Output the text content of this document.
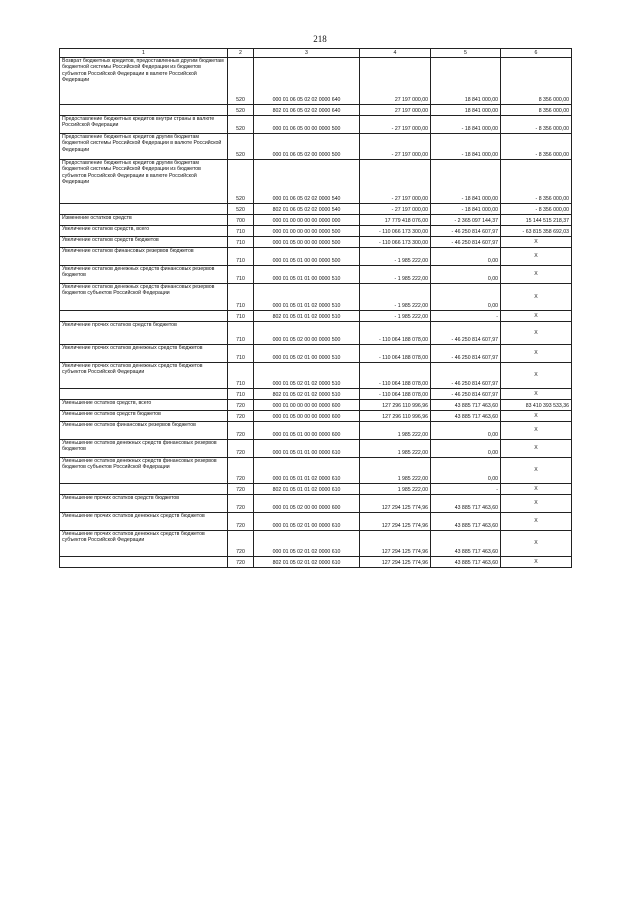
218
1	2	3	4	5	6
Возврат бюджетных кредитов, предоставленных другим бюджетам бюджетной системы Российской Федерации из бюджетов субъектов Российской Федерации в валюте Российской Федерации	520	000 01 06 05 02 02 0000 640	27 197 000,00	18 841 000,00	8 356 000,00
	520	802 01 06 05 02 02 0000 640	27 197 000,00	18 841 000,00	8 356 000,00
Предоставление бюджетных кредитов внутри страны в валюте Российской Федерации	520	000 01 06 05 00 00 0000 500	- 27 197 000,00	- 18 841 000,00	- 8 356 000,00
Предоставление бюджетных кредитов другим бюджетам бюджетной системы Российской Федерации в валюте Российской Федерации	520	000 01 06 05 02 00 0000 500	- 27 197 000,00	- 18 841 000,00	- 8 356 000,00
Предоставление бюджетных кредитов другим бюджетам бюджетной системы Российской Федерации из бюджетов субъектов Российской Федерации в валюте Российской Федерации	520	000 01 06 05 02 02 0000 540	- 27 197 000,00	- 18 841 000,00	- 8 356 000,00
	520	802 01 06 05 02 02 0000 540	- 27 197 000,00	- 18 841 000,00	- 8 356 000,00
Изменение остатков средств	700	000 01 00 00 00 00 0000 000	17 779 418 076,00	- 2 365 097 144,37	15 144 515 218,37
Увеличение остатков средств, всего	710	000 01 00 00 00 00 0000 500	- 110 066 173 300,00	- 46 250 814 607,97	- 63 815 358 692,03
Увеличение остатков средств бюджетов	710	000 01 05 00 00 00 0000 500	- 110 066 173 300,00	- 46 250 814 607,97	X
Увеличение остатков финансовых резервов бюджетов	710	000 01 05 01 00 00 0000 500	- 1 985 222,00	0,00	X
Увеличение остатков денежных средств финансовых резервов бюджетов	710	000 01 05 01 01 00 0000 510	- 1 985 222,00	0,00	X
Увеличение остатков денежных средств финансовых резервов бюджетов субъектов Российской Федерации	710	000 01 05 01 01 02 0000 510	- 1 985 222,00	0,00	X
	710	802 01 05 01 01 02 0000 510	- 1 985 222,00	-	X
Увеличение прочих остатков средств бюджетов	710	000 01 05 02 00 00 0000 500	- 110 064 188 078,00	- 46 250 814 607,97	X
Увеличение прочих остатков денежных средств бюджетов	710	000 01 05 02 01 00 0000 510	- 110 064 188 078,00	- 46 250 814 607,97	X
Увеличение прочих остатков денежных средств бюджетов субъектов Российской Федерации	710	000 01 05 02 01 02 0000 510	- 110 064 188 078,00	- 46 250 814 607,97	X
	710	802 01 05 02 01 02 0000 510	- 110 064 188 078,00	- 46 250 814 607,97	X
Уменьшение остатков средств, всего	720	000 01 00 00 00 00 0000 600	127 296 110 996,96	43 885 717 463,60	83 410 393 533,36
Уменьшение остатков средств бюджетов	720	000 01 05 00 00 00 0000 600	127 296 110 996,96	43 885 717 463,60	X
Уменьшение остатков финансовых резервов бюджетов	720	000 01 05 01 00 00 0000 600	1 985 222,00	0,00	X
Уменьшение остатков денежных средств финансовых резервов бюджетов	720	000 01 05 01 01 00 0000 610	1 985 222,00	0,00	X
Уменьшение остатков денежных средств финансовых резервов бюджетов субъектов Российской Федерации	720	000 01 05 01 01 02 0000 610	1 985 222,00	0,00	X
	720	802 01 05 01 01 02 0000 610	1 985 222,00	-	X
Уменьшение прочих остатков средств бюджетов	720	000 01 05 02 00 00 0000 600	127 294 125 774,96	43 885 717 463,60	X
Уменьшение прочих остатков денежных средств бюджетов	720	000 01 05 02 01 00 0000 610	127 294 125 774,96	43 885 717 463,60	X
Уменьшение прочих остатков денежных средств бюджетов субъектов Российской Федерации	720	000 01 05 02 01 02 0000 610	127 294 125 774,96	43 885 717 463,60	X
	720	802 01 05 02 01 02 0000 610	127 294 125 774,96	43 885 717 463,60	X
